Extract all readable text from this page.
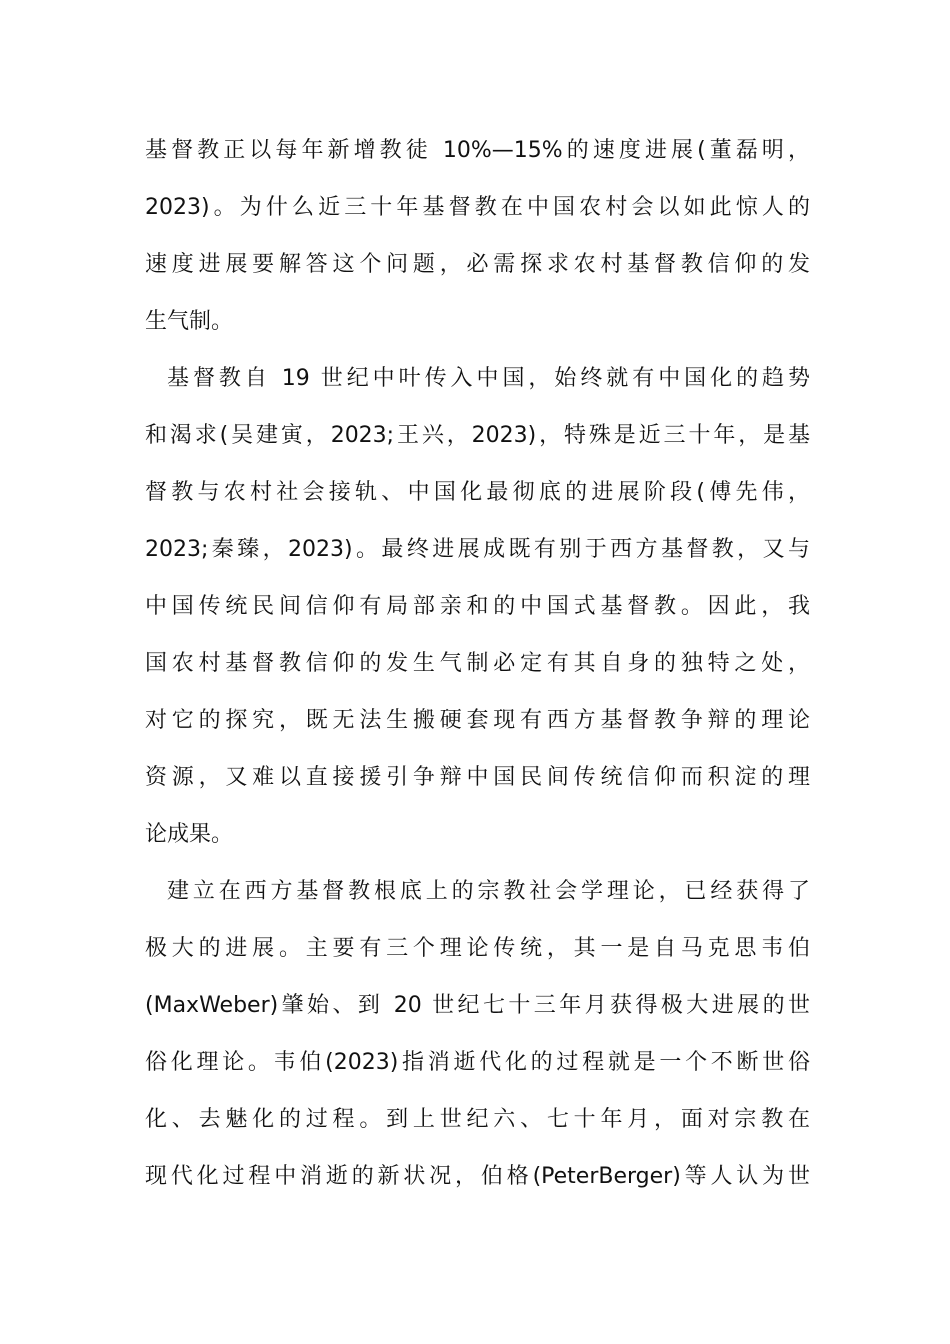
基督教正以每年新增教徒 10%—15%的速度进展(董磊明，
2023)。为什么近三十年基督教在中国农村会以如此惊人的
速度进展要解答这个问题，必需探求农村基督教信仰的发
生气制。
基督教自 19 世纪中叶传入中国，始终就有中国化的趋势
和渴求(吴建寅，2023;王兴，2023)，特殊是近三十年，是基
督教与农村社会接轨、中国化最彻底的进展阶段(傅先伟，
2023;秦臻，2023)。最终进展成既有别于西方基督教，又与
中国传统民间信仰有局部亲和的中国式基督教。因此，我
国农村基督教信仰的发生气制必定有其自身的独特之处，
对它的探究，既无法生搬硬套现有西方基督教争辩的理论
资源，又难以直接援引争辩中国民间传统信仰而积淀的理
论成果。
建立在西方基督教根底上的宗教社会学理论，已经获得了
极大的进展。主要有三个理论传统，其一是自马克思韦伯
(MaxWeber)肇始、到 20 世纪七十三年月获得极大进展的世
俗化理论。韦伯(2023)指消逝代化的过程就是一个不断世俗
化、去魅化的过程。到上世纪六、七十年月，面对宗教在
现代化过程中消逝的新状况，伯格(PeterBerger)等人认为世
